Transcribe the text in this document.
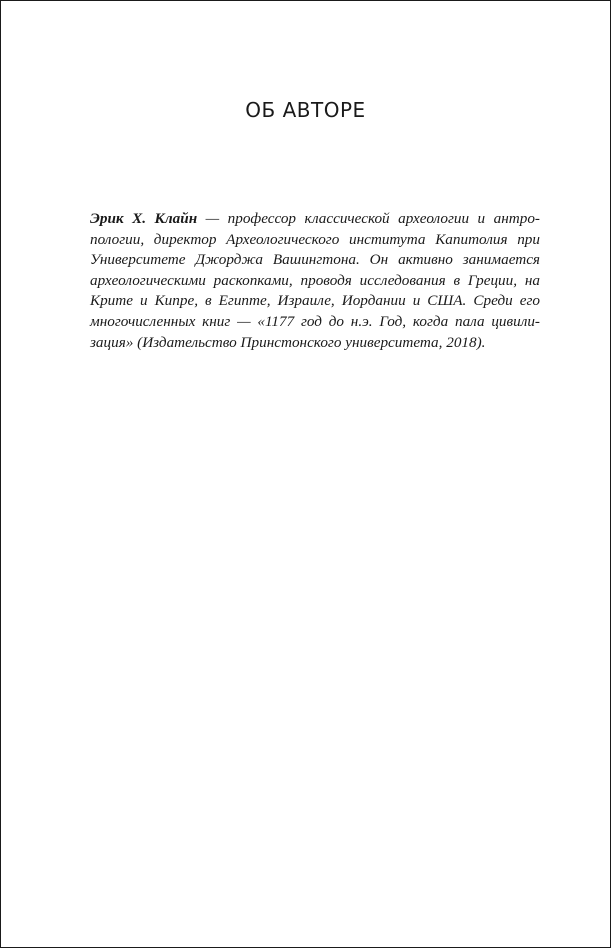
ОБ АВТОРЕ

Эрик Х. Клайн — профессор классической археологии и антро-
пологии, директор Археологического института Капитолия при
Университете Джорджа Вашингтона. Он активно занимается
археологическими раскопками, проводя исследования в Греции, на
Крите и Кипре, в Египте, Израиле, Иордании и США. Среди его
многочисленных книг — «1177 год до н.э. Год, когда пала цивили-
зация» (Издательство Принстонского университета, 2018).
